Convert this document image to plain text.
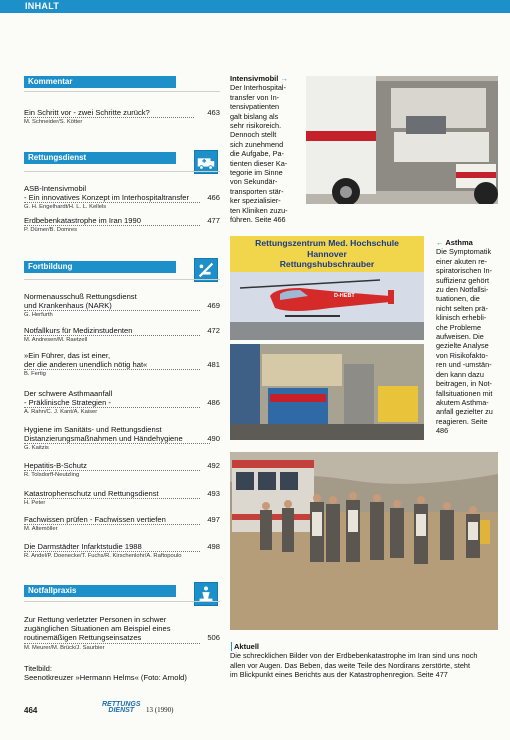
INHALT
Kommentar
Ein Schritt vor - zwei Schritte zurück?	463
M. Schneider/S. Kötter
Rettungsdienst
ASB-Intensivmobil
- Ein innovatives Konzept im Interhospitaltransfer	466
G. H. Engelhardt/H. L. L. Kellels
Erdbebenkatastrophe im Iran 1990	477
P. Dürner/B. Domres
Fortbildung
Normenausschuß Rettungsdienst
und Krankenhaus (NARK)	469
G. Herfurth
Notfallkurs für Medizinstudenten	472
M. Andresen/M. Raetzell
»Ein Führer, das ist einer,
der die anderen unendlich nötig hat«	481
B. Fertig
Der schwere Asthmaanfall
- Präklinische Strategien -	486
A. Rahn/C. J. Kant/A. Kaiser
Hygiene im Sanitäts- und Rettungsdienst
Distanzierungsmaßnahmen und Händehygiene	490
G. Kaitzis
Hepatitis-B-Schutz	492
R. Tolsdorff-Neutzling
Katastrophenschutz und Rettungsdienst	493
H. Peter
Fachwissen prüfen - Fachwissen vertiefen	497
M. Altemöller
Die Darmstädter Infarktstudie 1988	498
R. Andel/P. Doenecke/T. Fuchs/R. Kirschenlohr/A. Raftopoulo
Notfallpraxis
Zur Rettung verletzter Personen in schwer
zugänglichen Situationen am Beispiel eines
routinemäßigen Rettungseinsatzes	506
M. Meurer/M. Brück/J. Saurbier
Titelbild:
Seenotkreuzer »Hermann Helms« (Foto: Arnold)
Intensivmobil →
Der Interhospital-
transfer von In-
tensivpatienten
galt bislang als
sehr risikoreich.
Dennoch stellt
sich zunehmend
die Aufgabe, Pa-
tienten dieser Ka-
tegorie im Sinne
von Sekundär-
transporten stär-
ker spezialisier-
ten Kliniken zuzu-
führen. Seite 466
Rettungszentrum Med. Hochschule
Hannover
Rettungshubschrauber
D-HEBT
← Asthma
Die Symptomatik
einer akuten re-
spiratorischen In-
suffizienz gehört
zu den Notfallsi-
tuationen, die
nicht selten prä-
klinisch erhebli-
che Probleme
aufweisen. Die
gezielte Analyse
von Risikofakto-
ren und -umstän-
den kann dazu
beitragen, in Not-
fallsituationen mit
akutem Asthma-
anfall gezielter zu
reagieren. Seite
486
Aktuell
Die schrecklichen Bilder von der Erdbebenkatastrophe im Iran sind uns noch
allen vor Augen. Das Beben, das weite Teile des Nordirans zerstörte, steht
im Blickpunkt eines Berichts aus der Katastrophenregion. Seite 477
464
RETTUNGS
DIENST	13 (1990)
